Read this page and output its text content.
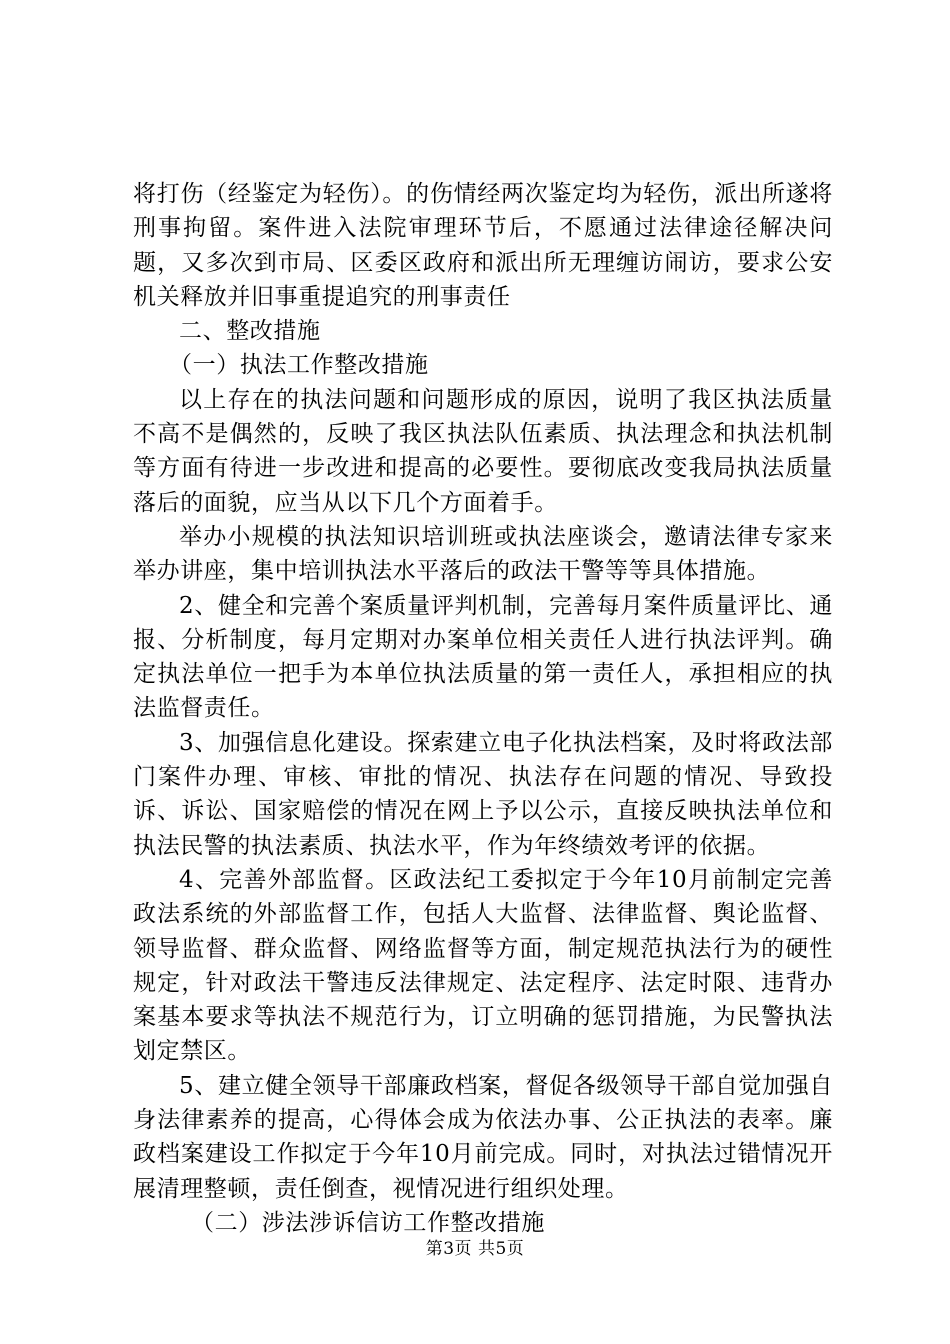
将打伤（经鉴定为轻伤）。的伤情经两次鉴定均为轻伤，派出所遂将刑事拘留。案件进入法院审理环节后，不愿通过法律途径解决问题，又多次到市局、区委区政府和派出所无理缠访闹访，要求公安机关释放并旧事重提追究的刑事责任

二、整改措施

（一）执法工作整改措施

以上存在的执法问题和问题形成的原因，说明了我区执法质量不高不是偶然的，反映了我区执法队伍素质、执法理念和执法机制等方面有待进一步改进和提高的必要性。要彻底改变我局执法质量落后的面貌，应当从以下几个方面着手。

举办小规模的执法知识培训班或执法座谈会，邀请法律专家来举办讲座，集中培训执法水平落后的政法干警等等具体措施。

2、健全和完善个案质量评判机制，完善每月案件质量评比、通报、分析制度，每月定期对办案单位相关责任人进行执法评判。确定执法单位一把手为本单位执法质量的第一责任人，承担相应的执法监督责任。

3、加强信息化建设。探索建立电子化执法档案，及时将政法部门案件办理、审核、审批的情况、执法存在问题的情况、导致投诉、诉讼、国家赔偿的情况在网上予以公示，直接反映执法单位和执法民警的执法素质、执法水平，作为年终绩效考评的依据。

4、完善外部监督。区政法纪工委拟定于今年10月前制定完善政法系统的外部监督工作，包括人大监督、法律监督、舆论监督、领导监督、群众监督、网络监督等方面，制定规范执法行为的硬性规定，针对政法干警违反法律规定、法定程序、法定时限、违背办案基本要求等执法不规范行为，订立明确的惩罚措施，为民警执法划定禁区。

5、建立健全领导干部廉政档案，督促各级领导干部自觉加强自身法律素养的提高，心得体会成为依法办事、公正执法的表率。廉政档案建设工作拟定于今年10月前完成。同时，对执法过错情况开展清理整顿，责任倒查，视情况进行组织处理。

（二）涉法涉诉信访工作整改措施

第3页 共5页
